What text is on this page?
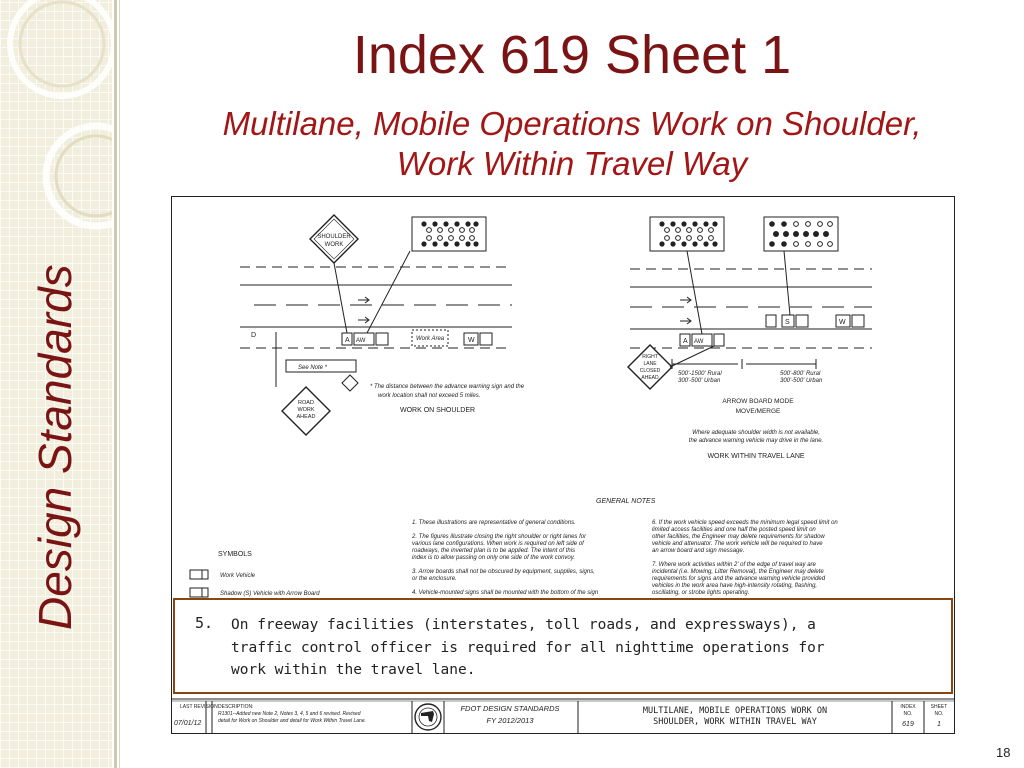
Design Standards
Index 619 Sheet 1
Multilane, Mobile Operations Work on Shoulder,
Work Within Travel Way
D
A AW	Work Area	W
SHOULDER
WORK
See Note *
ROAD
WORK
AHEAD
* The distance between the advance warning sign and the
work location shall not exceed 5 miles.
WORK ON SHOULDER
A AW
S	W
RIGHT
LANE
CLOSED
AHEAD
500'-1500' Rural
300'-500' Urban
500'-800' Rural
300'-500' Urban
ARROW BOARD MODE
MOVE/MERGE
Where adequate shoulder width is not available,
the advance warning vehicle may drive in the lane.
WORK WITHIN TRAVEL LANE
GENERAL NOTES
1. These illustrations are representative of general conditions.
2. The figures illustrate closing the right shoulder or right lanes for
various lane configurations. When work is required on left side of
roadways, the inverted plan is to be applied. The intent of this
index is to allow passing on only one side of the work convoy.
3. Arrow boards shall not be obscured by equipment, supplies, signs,
or the enclosure.
4. Vehicle-mounted signs shall be mounted with the bottom of the sign
6. If the work vehicle speed exceeds the minimum legal speed limit on
limited access facilities and one half the posted speed limit on
other facilities, the Engineer may delete requirements for shadow
vehicle and attenuator. The work vehicle will be required to have
an arrow board and sign message.
7. Where work activities within 2' of the edge of travel way are
incidental (i.e. Mowing, Litter Removal), the Engineer may delete
requirements for signs and the advance warning vehicle provided
vehicles in the work area have high-intensity rotating, flashing,
oscillating, or strobe lights operating.
SYMBOLS
Work Vehicle
Shadow (S) Vehicle with Arrow Board
LAST REVISION
07/01/12
DESCRIPTION:
R1301--Added new Note 2, Notes 3, 4, 5 and 6 revised. Revised
detail for Work on Shoulder and detail for Work Within Travel Lane.
FDOT DESIGN STANDARDS
FY 2012/2013
MULTILANE, MOBILE OPERATIONS WORK ON
SHOULDER, WORK WITHIN TRAVEL WAY
INDEX
NO.
619
SHEET
NO.
1
5. On freeway facilities (interstates, toll roads, and expressways), a
traffic control officer is required for all nighttime operations for
work within the travel lane.
18
